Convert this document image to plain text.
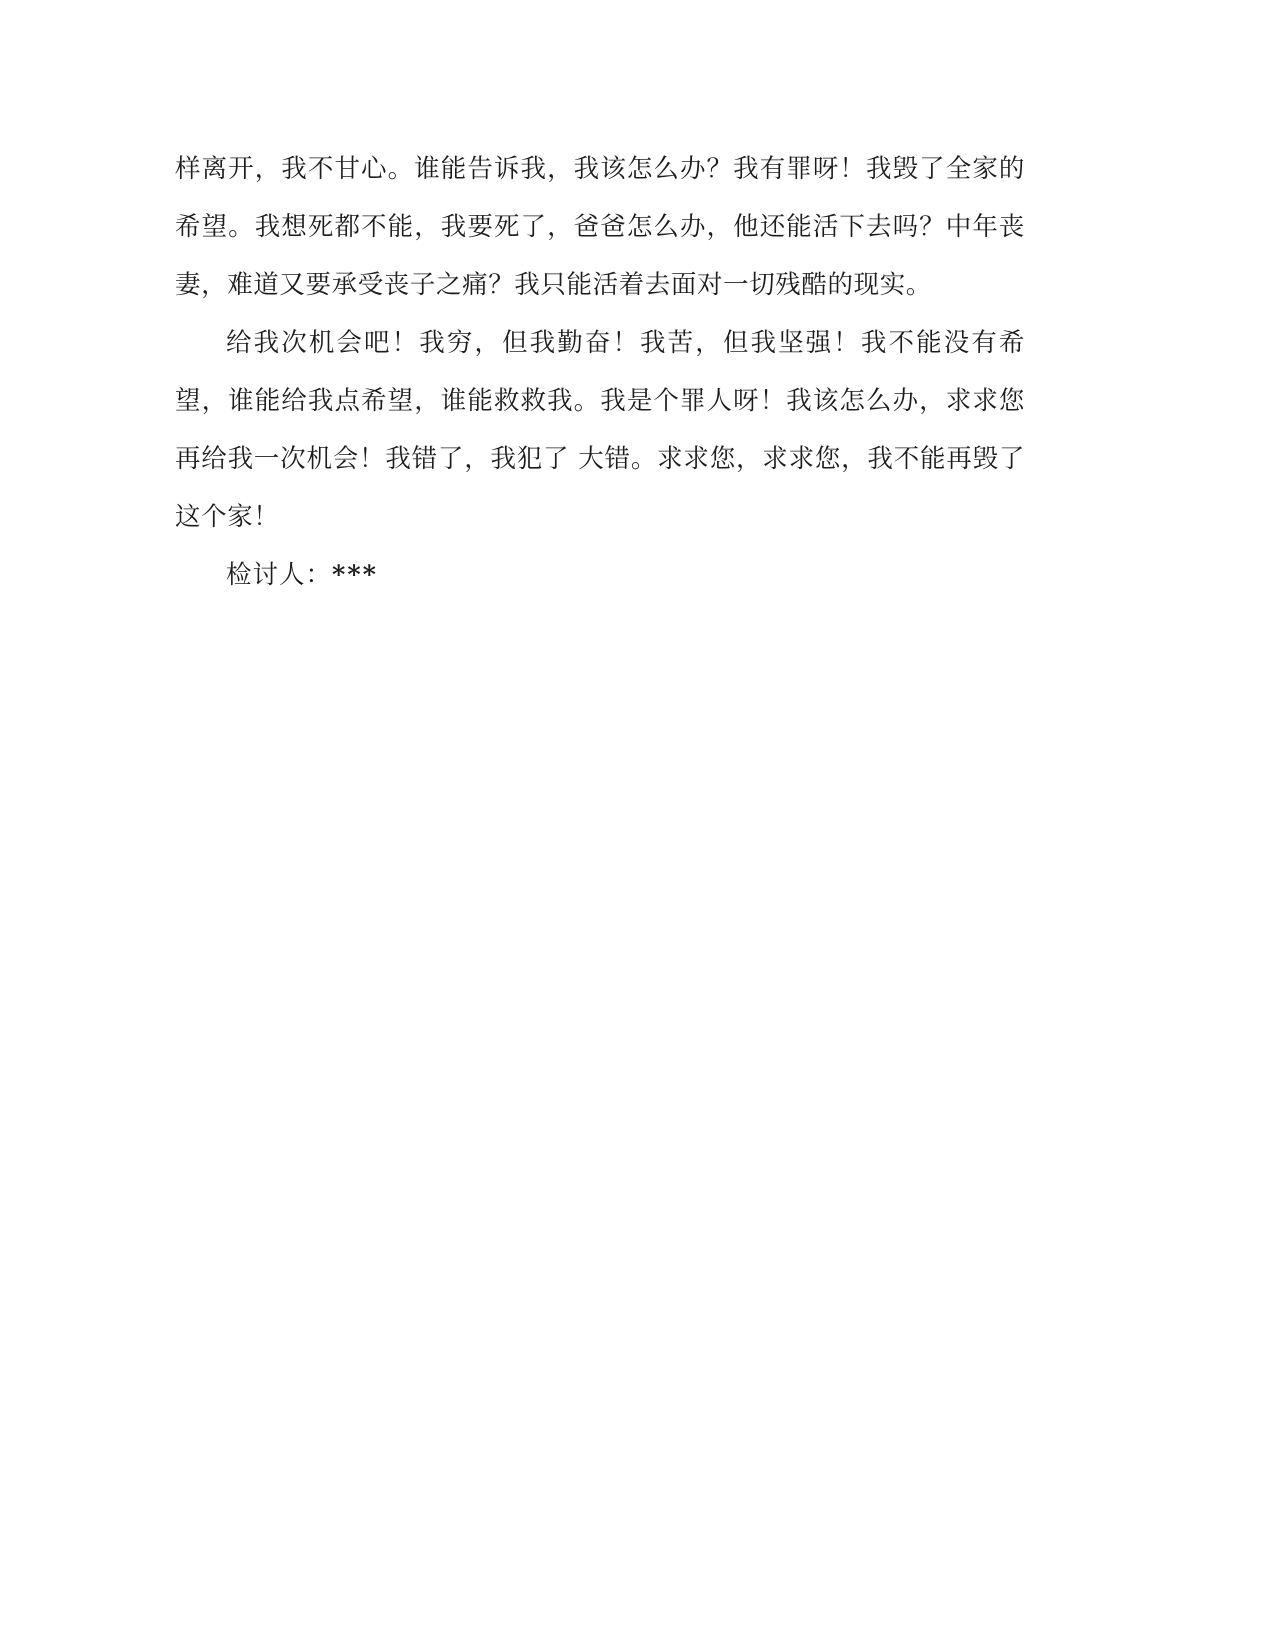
样离开，我不甘心。谁能告诉我，我该怎么办？我有罪呀！我毁了全家的希望。我想死都不能，我要死了，爸爸怎么办，他还能活下去吗？中年丧妻，难道又要承受丧子之痛？我只能活着去面对一切残酷的现实。

给我次机会吧！我穷，但我勤奋！我苦，但我坚强！我不能没有希望，谁能给我点希望，谁能救救我。我是个罪人呀！我该怎么办，求求您再给我一次机会！我错了，我犯了 大错。求求您，求求您，我不能再毁了这个家！

检讨人：***
